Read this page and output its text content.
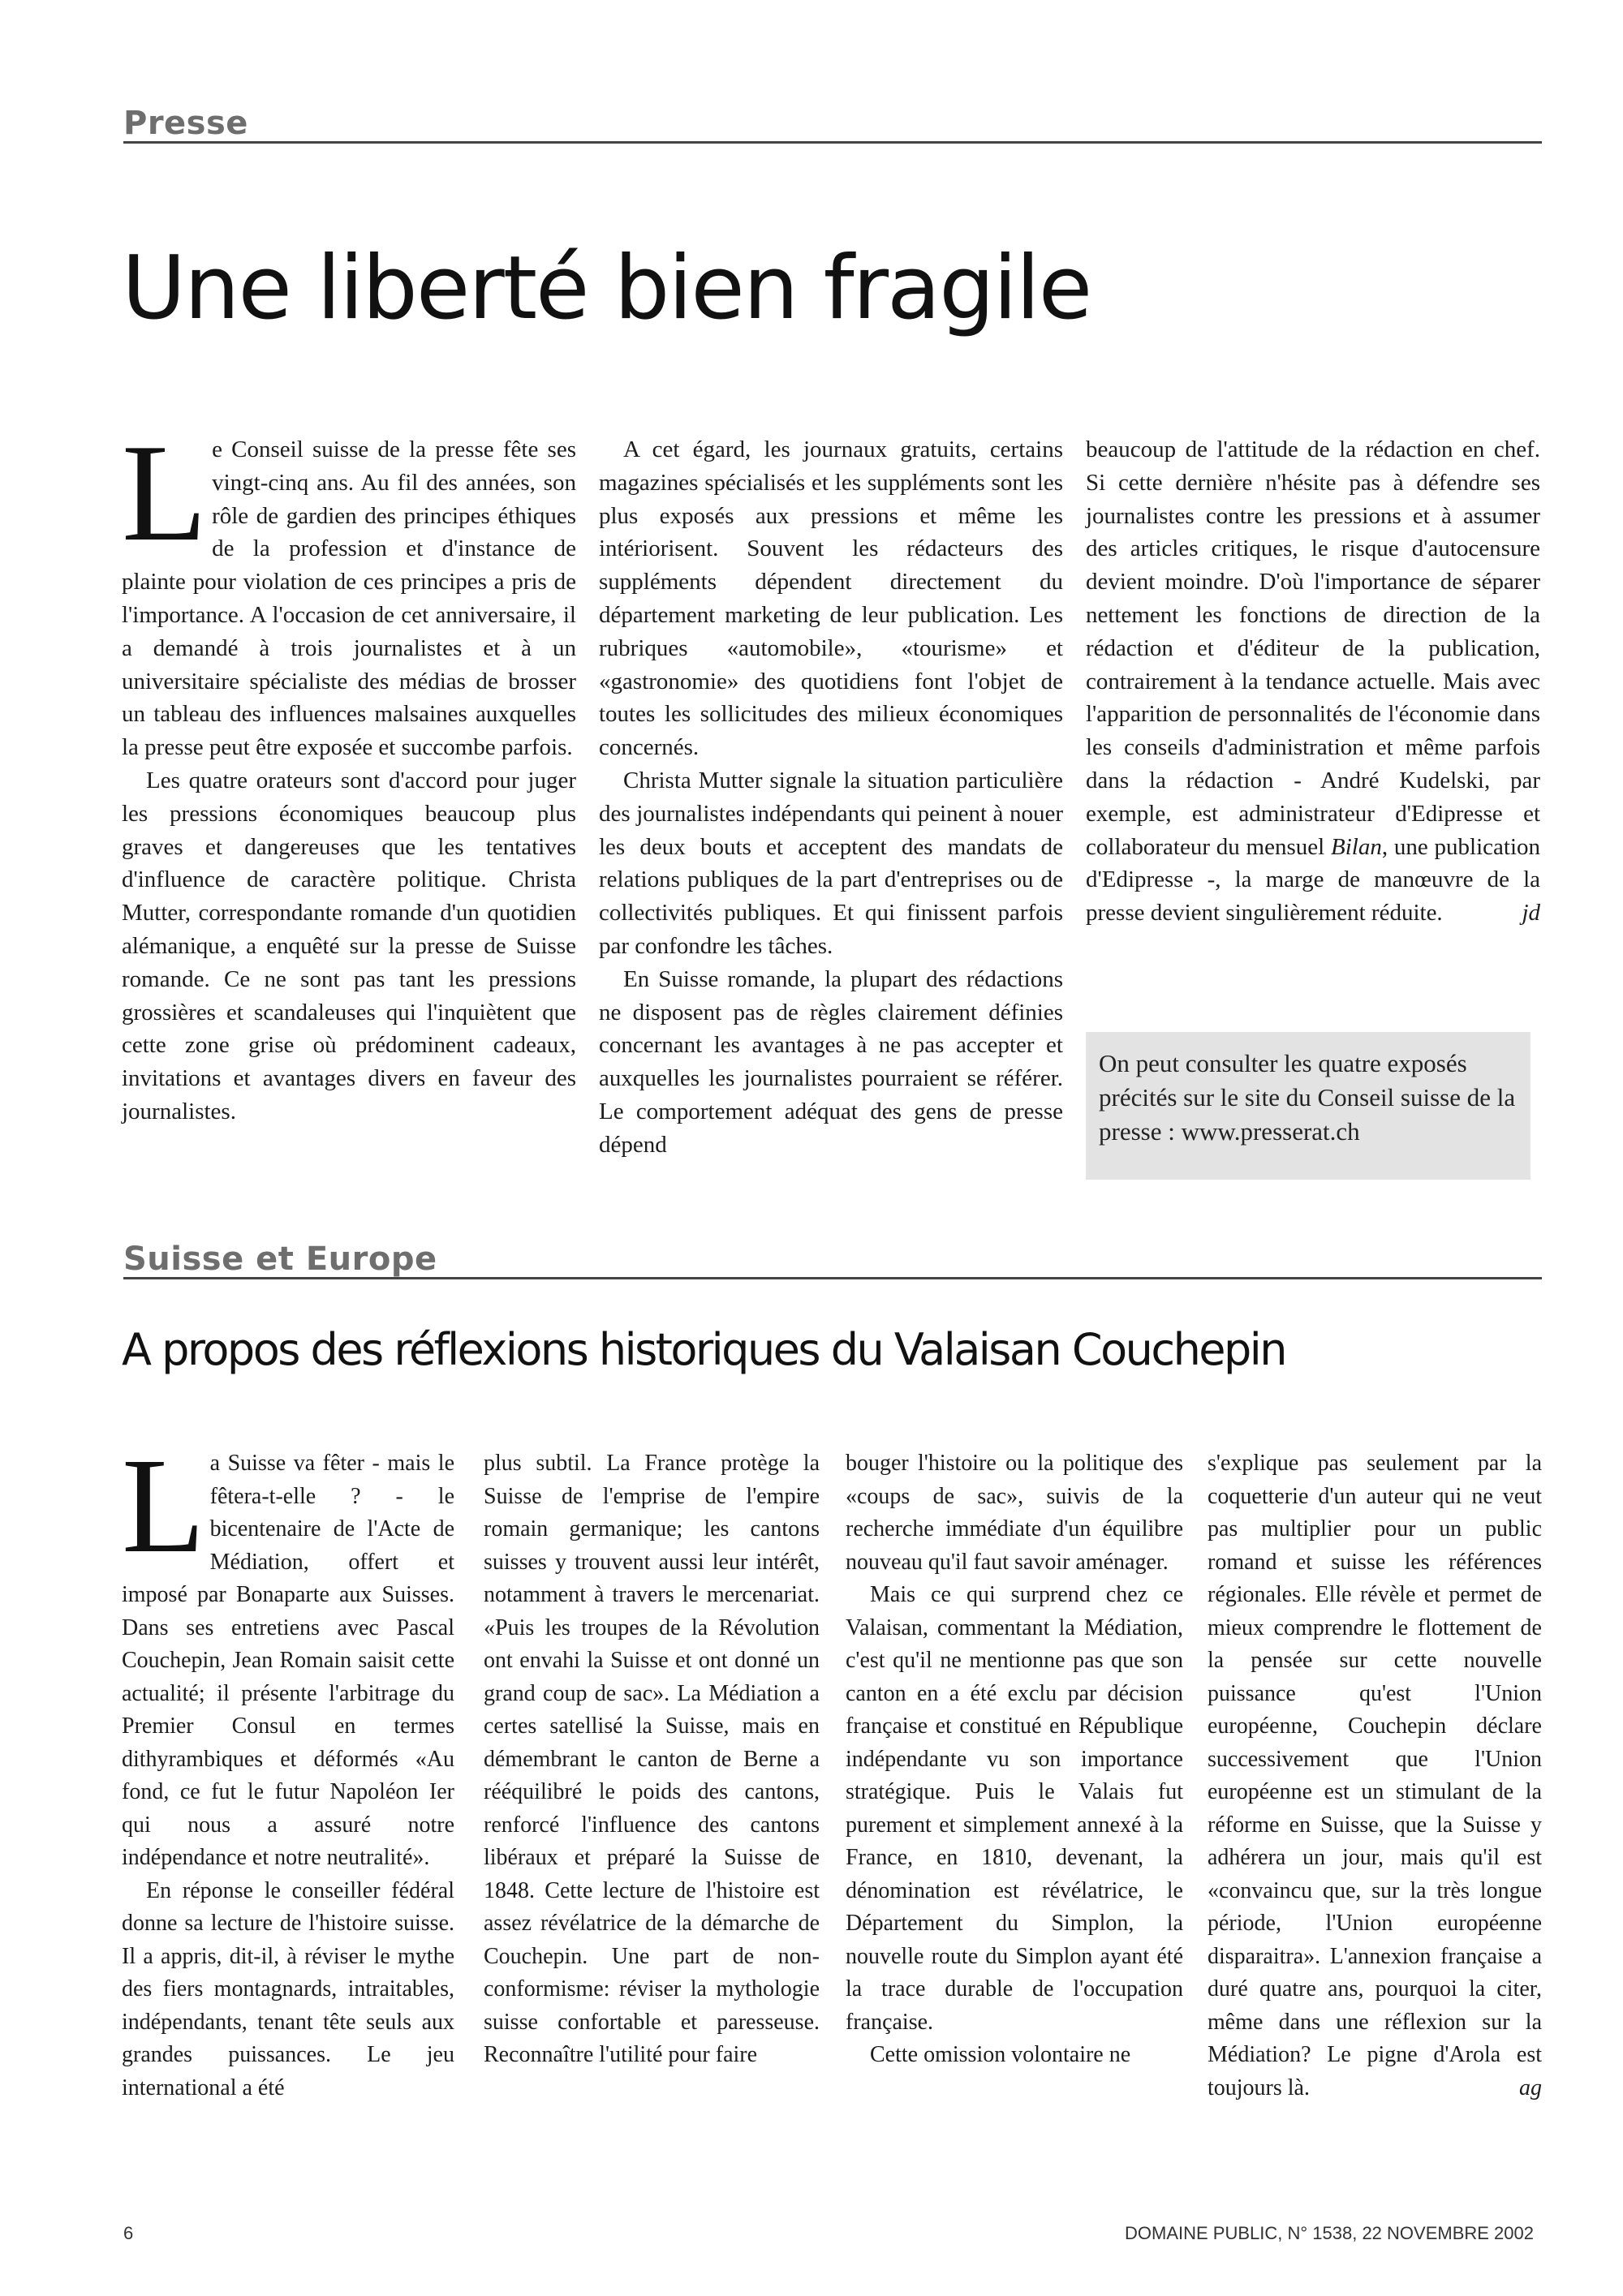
Presse
Une liberté bien fragile

Le Conseil suisse de la presse fête ses vingt-cinq ans. Au fil des années, son rôle de gardien des principes éthiques de la profession et d'instance de plainte pour violation de ces principes a pris de l'importance. A l'occasion de cet anniversaire, il a demandé à trois journalistes et à un universitaire spécialiste des médias de brosser un tableau des influences malsaines auxquelles la presse peut être exposée et succombe parfois.

Les quatre orateurs sont d'accord pour juger les pressions économiques beaucoup plus graves et dangereuses que les tentatives d'influence de caractère politique. Christa Mutter, correspondante romande d'un quotidien alémanique, a enquêté sur la presse de Suisse romande. Ce ne sont pas tant les pressions grossières et scandaleuses qui l'inquiètent que cette zone grise où prédominent cadeaux, invitations et avantages divers en faveur des journalistes.

A cet égard, les journaux gratuits, certains magazines spécialisés et les suppléments sont les plus exposés aux pressions et même les intériorisent. Souvent les rédacteurs des suppléments dépendent directement du département marketing de leur publication. Les rubriques «automobile», «tourisme» et «gastronomie» des quotidiens font l'objet de toutes les sollicitudes des milieux économiques concernés.

Christa Mutter signale la situation particulière des journalistes indépendants qui peinent à nouer les deux bouts et acceptent des mandats de relations publiques de la part d'entreprises ou de collectivités publiques. Et qui finissent parfois par confondre les tâches.

En Suisse romande, la plupart des rédactions ne disposent pas de règles clairement définies concernant les avantages à ne pas accepter et auxquelles les journalistes pourraient se référer. Le comportement adéquat des gens de presse dépend

beaucoup de l'attitude de la rédaction en chef. Si cette dernière n'hésite pas à défendre ses journalistes contre les pressions et à assumer des articles critiques, le risque d'autocensure devient moindre. D'où l'importance de séparer nettement les fonctions de direction de la rédaction et d'éditeur de la publication, contrairement à la tendance actuelle. Mais avec l'apparition de personnalités de l'économie dans les conseils d'administration et même parfois dans la rédaction - André Kudelski, par exemple, est administrateur d'Edipresse et collaborateur du mensuel Bilan, une publication d'Edipresse -, la marge de manœuvre de la presse devient singulièrement réduite.	jd

On peut consulter les quatre exposés précités sur le site du Conseil suisse de la presse : www.presserat.ch
Suisse et Europe
A propos des réflexions historiques du Valaisan Couchepin

La Suisse va fêter - mais le fêtera-t-elle ? - le bicentenaire de l'Acte de Médiation, offert et imposé par Bonaparte aux Suisses. Dans ses entretiens avec Pascal Couchepin, Jean Romain saisit cette actualité; il présente l'arbitrage du Premier Consul en termes dithyrambiques et déformés «Au fond, ce fut le futur Napoléon Ier qui nous a assuré notre indépendance et notre neutralité».

En réponse le conseiller fédéral donne sa lecture de l'histoire suisse. Il a appris, dit-il, à réviser le mythe des fiers montagnards, intraitables, indépendants, tenant tête seuls aux grandes puissances. Le jeu international a été

plus subtil. La France protège la Suisse de l'emprise de l'empire romain germanique; les cantons suisses y trouvent aussi leur intérêt, notamment à travers le mercenariat. «Puis les troupes de la Révolution ont envahi la Suisse et ont donné un grand coup de sac». La Médiation a certes satellisé la Suisse, mais en démembrant le canton de Berne a rééquilibré le poids des cantons, renforcé l'influence des cantons libéraux et préparé la Suisse de 1848. Cette lecture de l'histoire est assez révélatrice de la démarche de Couchepin. Une part de non-conformisme: réviser la mythologie suisse confortable et paresseuse. Reconnaître l'utilité pour faire

bouger l'histoire ou la politique des «coups de sac», suivis de la recherche immédiate d'un équilibre nouveau qu'il faut savoir aménager.

Mais ce qui surprend chez ce Valaisan, commentant la Médiation, c'est qu'il ne mentionne pas que son canton en a été exclu par décision française et constitué en République indépendante vu son importance stratégique. Puis le Valais fut purement et simplement annexé à la France, en 1810, devenant, la dénomination est révélatrice, le Département du Simplon, la nouvelle route du Simplon ayant été la trace durable de l'occupation française.

Cette omission volontaire ne

s'explique pas seulement par la coquetterie d'un auteur qui ne veut pas multiplier pour un public romand et suisse les références régionales. Elle révèle et permet de mieux comprendre le flottement de la pensée sur cette nouvelle puissance qu'est l'Union européenne, Couchepin déclare successivement que l'Union européenne est un stimulant de la réforme en Suisse, que la Suisse y adhérera un jour, mais qu'il est «convaincu que, sur la très longue période, l'Union européenne disparaitra». L'annexion française a duré quatre ans, pourquoi la citer, même dans une réflexion sur la Médiation? Le pigne d'Arola est toujours là.	ag

6	DOMAINE PUBLIC, N° 1538, 22 NOVEMBRE 2002
